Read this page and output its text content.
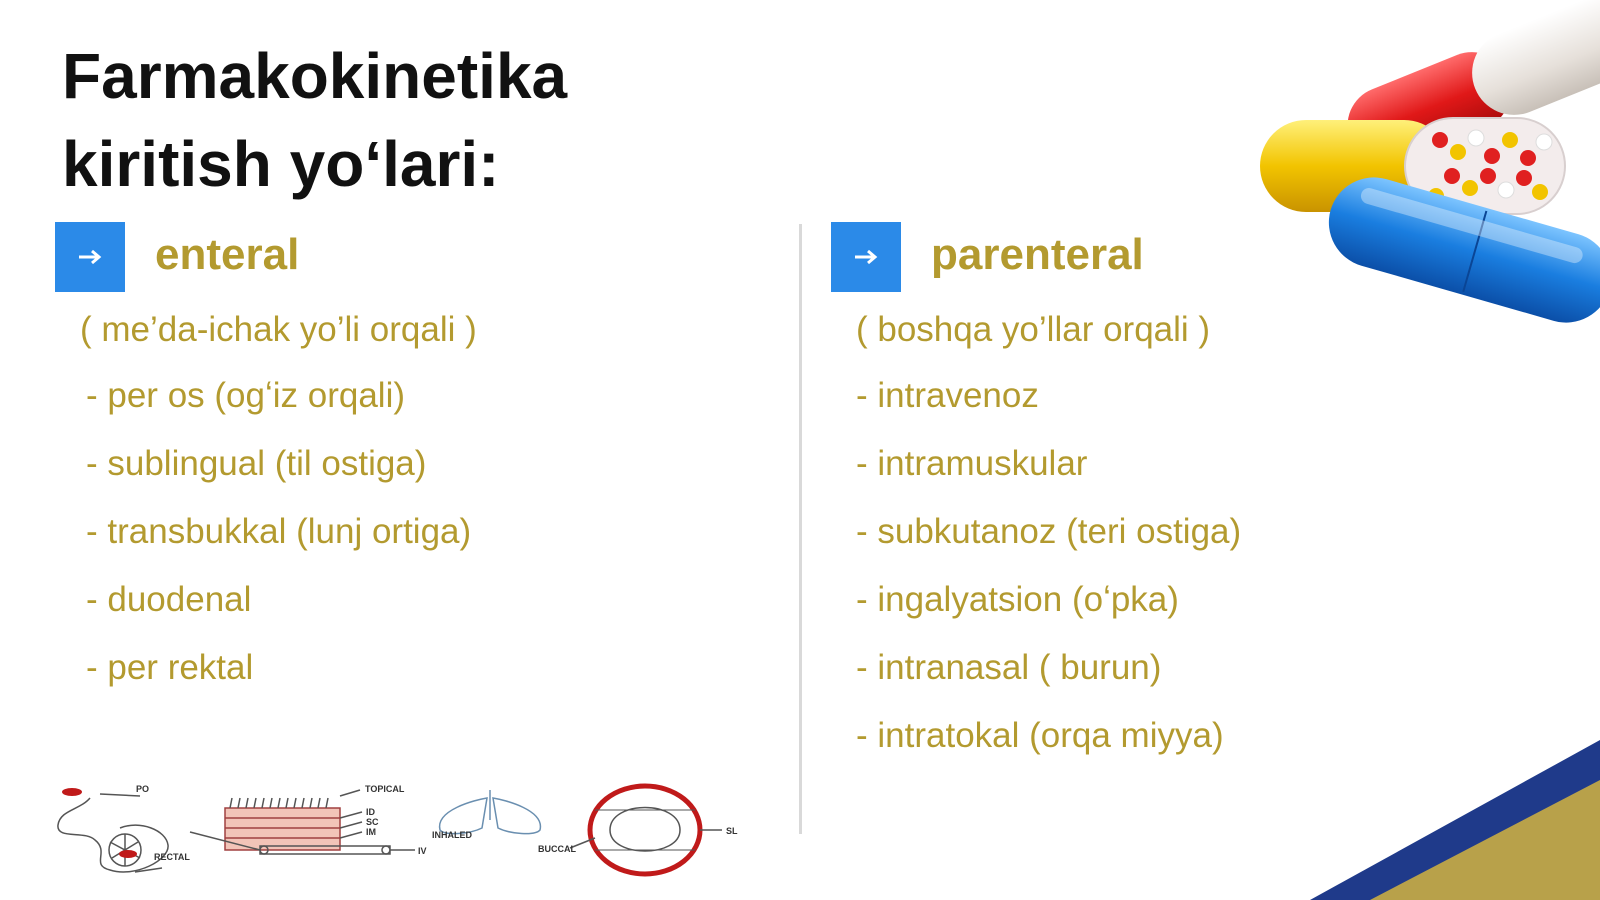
Farmakokinetika
kiritish yo‘lari:
enteral
( me’da-ichak yo’li orqali )
- per os (ogʻiz orqali)
- sublingual (til ostiga)
- transbukkal (lunj ortiga)
- duodenal
- per rektal
parenteral
( boshqa yo’llar orqali )
- intravenoz
- intramuskular
- subkutanoz (teri ostiga)
- ingalyatsion (oʻpka)
- intranasal ( burun)
- intratokal (orqa miyya)
PO
RECTAL
TOPICAL
ID
SC
IM
IV
INHALED
BUCCAL
SL
